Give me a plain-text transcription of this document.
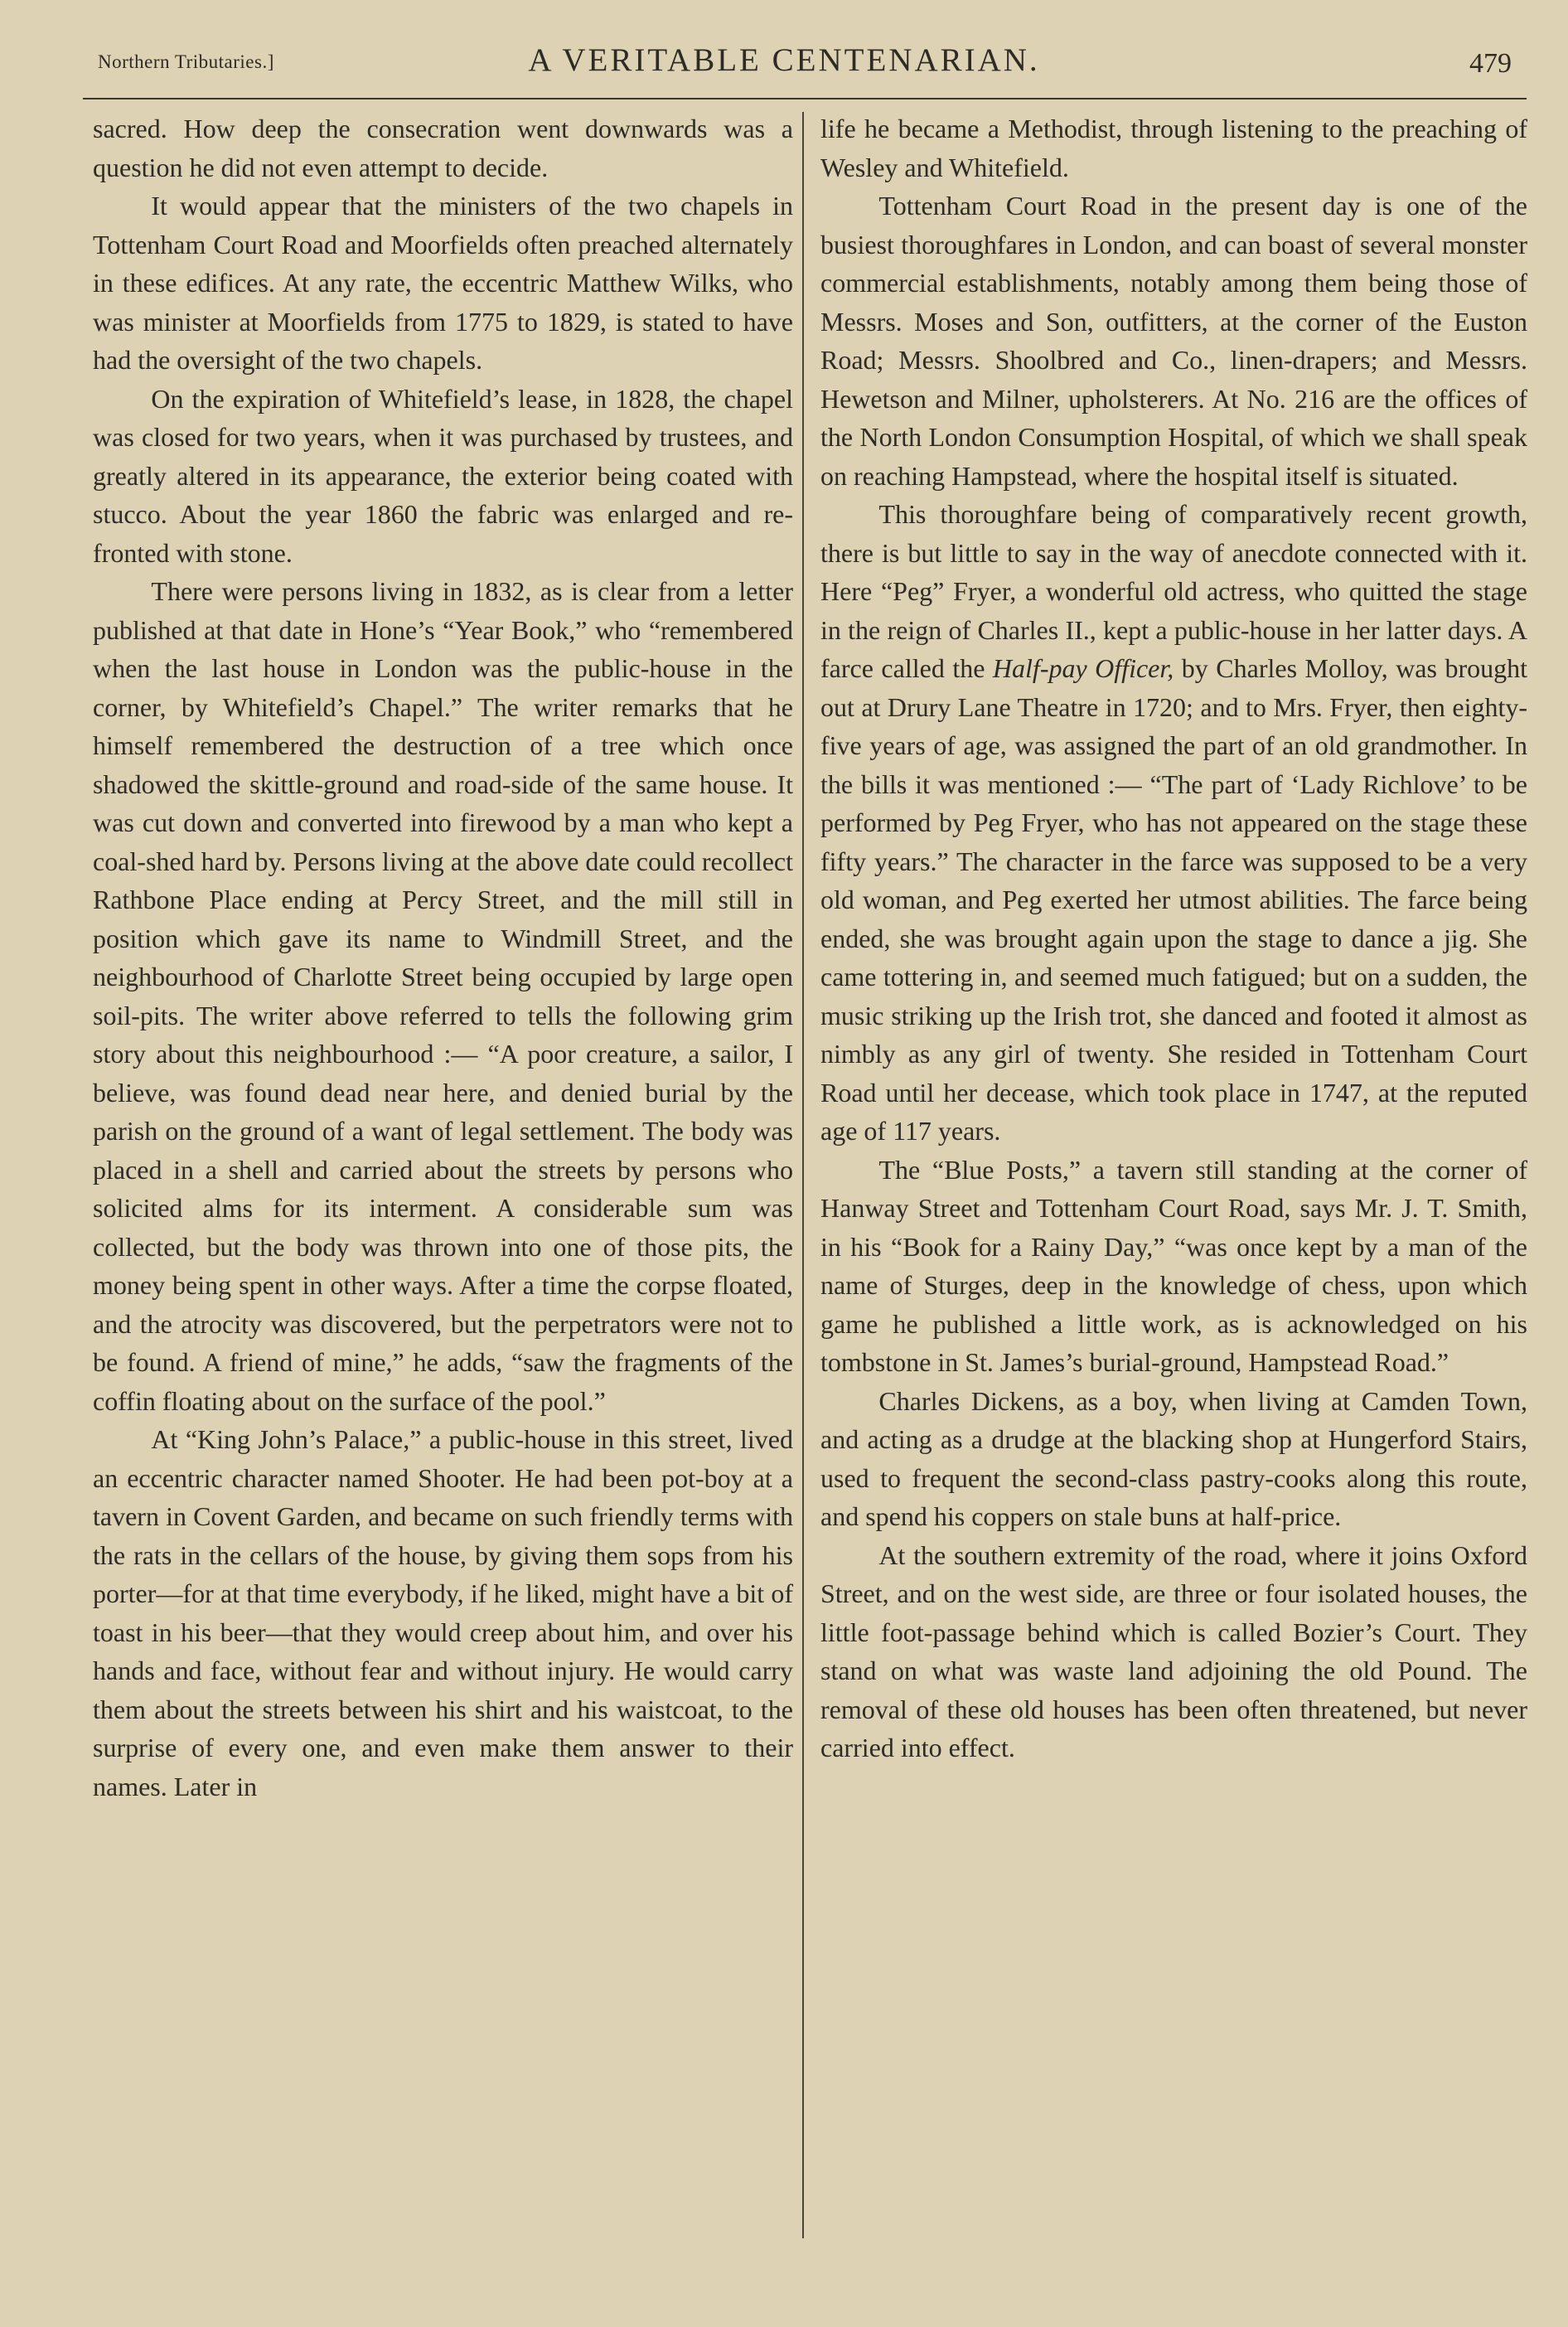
Northern Tributaries.]	A VERITABLE CENTENARIAN.	479

sacred. How deep the consecration went downwards was a question he did not even attempt to decide.

It would appear that the ministers of the two chapels in Tottenham Court Road and Moorfields often preached alternately in these edifices. At any rate, the eccentric Matthew Wilks, who was minister at Moorfields from 1775 to 1829, is stated to have had the oversight of the two chapels.

On the expiration of Whitefield’s lease, in 1828, the chapel was closed for two years, when it was purchased by trustees, and greatly altered in its appearance, the exterior being coated with stucco. About the year 1860 the fabric was enlarged and re-fronted with stone.

There were persons living in 1832, as is clear from a letter published at that date in Hone’s “Year Book,” who “remembered when the last house in London was the public-house in the corner, by Whitefield’s Chapel.” The writer remarks that he himself remembered the destruction of a tree which once shadowed the skittle-ground and road-side of the same house. It was cut down and converted into firewood by a man who kept a coal-shed hard by. Persons living at the above date could recollect Rathbone Place ending at Percy Street, and the mill still in position which gave its name to Windmill Street, and the neighbourhood of Charlotte Street being occupied by large open soil-pits. The writer above referred to tells the following grim story about this neighbourhood :— “A poor creature, a sailor, I believe, was found dead near here, and denied burial by the parish on the ground of a want of legal settlement. The body was placed in a shell and carried about the streets by persons who solicited alms for its interment. A considerable sum was collected, but the body was thrown into one of those pits, the money being spent in other ways. After a time the corpse floated, and the atrocity was discovered, but the perpetrators were not to be found. A friend of mine,” he adds, “saw the fragments of the coffin floating about on the surface of the pool.”

At “King John’s Palace,” a public-house in this street, lived an eccentric character named Shooter. He had been pot-boy at a tavern in Covent Garden, and became on such friendly terms with the rats in the cellars of the house, by giving them sops from his porter—for at that time everybody, if he liked, might have a bit of toast in his beer—that they would creep about him, and over his hands and face, without fear and without injury. He would carry them about the streets between his shirt and his waistcoat, to the surprise of every one, and even make them answer to their names. Later in

life he became a Methodist, through listening to the preaching of Wesley and Whitefield.

Tottenham Court Road in the present day is one of the busiest thoroughfares in London, and can boast of several monster commercial establishments, notably among them being those of Messrs. Moses and Son, outfitters, at the corner of the Euston Road; Messrs. Shoolbred and Co., linen-drapers; and Messrs. Hewetson and Milner, upholsterers. At No. 216 are the offices of the North London Consumption Hospital, of which we shall speak on reaching Hampstead, where the hospital itself is situated.

This thoroughfare being of comparatively recent growth, there is but little to say in the way of anecdote connected with it. Here “Peg” Fryer, a wonderful old actress, who quitted the stage in the reign of Charles II., kept a public-house in her latter days. A farce called the Half-pay Officer, by Charles Molloy, was brought out at Drury Lane Theatre in 1720; and to Mrs. Fryer, then eighty-five years of age, was assigned the part of an old grandmother. In the bills it was mentioned :— “The part of ‘Lady Richlove’ to be performed by Peg Fryer, who has not appeared on the stage these fifty years.” The character in the farce was supposed to be a very old woman, and Peg exerted her utmost abilities. The farce being ended, she was brought again upon the stage to dance a jig. She came tottering in, and seemed much fatigued; but on a sudden, the music striking up the Irish trot, she danced and footed it almost as nimbly as any girl of twenty. She resided in Tottenham Court Road until her decease, which took place in 1747, at the reputed age of 117 years.

The “Blue Posts,” a tavern still standing at the corner of Hanway Street and Tottenham Court Road, says Mr. J. T. Smith, in his “Book for a Rainy Day,” “was once kept by a man of the name of Sturges, deep in the knowledge of chess, upon which game he published a little work, as is acknowledged on his tombstone in St. James’s burial-ground, Hampstead Road.”

Charles Dickens, as a boy, when living at Camden Town, and acting as a drudge at the blacking shop at Hungerford Stairs, used to frequent the second-class pastry-cooks along this route, and spend his coppers on stale buns at half-price.

At the southern extremity of the road, where it joins Oxford Street, and on the west side, are three or four isolated houses, the little foot-passage behind which is called Bozier’s Court. They stand on what was waste land adjoining the old Pound. The removal of these old houses has been often threatened, but never carried into effect.
